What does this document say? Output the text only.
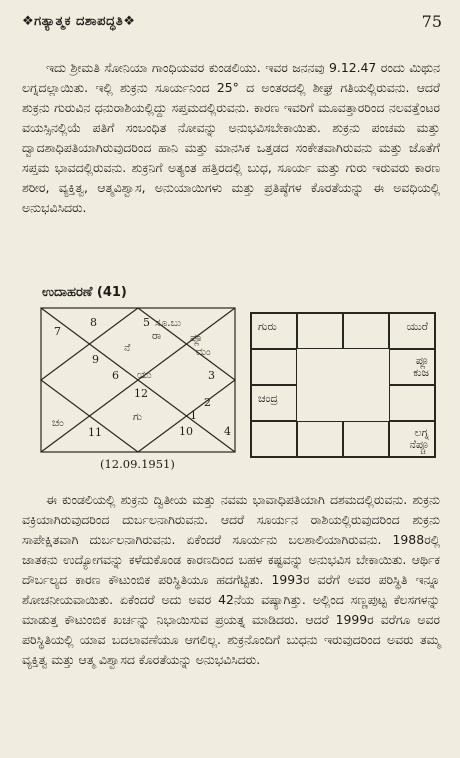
❖ಗತ್ಯಾತ್ಮಕ ದಶಾಪದ್ಧತಿ❖	75

ಇದು ಶ್ರೀಮತಿ ಸೋನಿಯಾ ಗಾಂಧಿಯವರ ಕುಂಡಲಿಯು. ಇವರ ಜನನವು 9.12.47 ರಂದು ಮಿಥುನ ಲಗ್ನದಲ್ಲಾಯಿತು. ಇಲ್ಲಿ ಶುಕ್ರನು ಸೂರ್ಯನಿಂದ 25° ದ ಅಂತರದಲ್ಲಿ ಶೀಘ್ರ ಗತಿಯಲ್ಲಿರುವನು. ಆದರೆ ಶುಕ್ರನು ಗುರುವಿನ ಧನುರಾಶಿಯಲ್ಲಿದ್ದು ಸಪ್ತಮದಲ್ಲಿರುವನು. ಕಾರಣ ಇವರಿಗೆ ಮೂವತ್ತಾರರಿಂದ ನಲವತ್ತೆಂಟರ ವಯಸ್ಸಿನಲ್ಲಿಯೆ ಪತಿಗೆ ಸಂಬಂಧಿತ ನೋವನ್ನು ಅನುಭವಿಸಬೇಕಾಯಿತು. ಶುಕ್ರನು ಪಂಚಮ ಮತ್ತು ದ್ವಾದಶಾಧಿಪತಿಯಾಗಿರುವುದರಿಂದ ಹಾನಿ ಮತ್ತು ಮಾನಸಿಕ ಒತ್ತಡದ ಸಂಕೇತವಾಗಿರುವನು ಮತ್ತು ಜೊತೆಗೆ ಸಪ್ತಮ ಭಾವದಲ್ಲಿರುವನು. ಶುಕ್ರನಿಗೆ ಅತ್ಯಂತ ಹತ್ತಿರದಲ್ಲಿ ಬುಧ, ಸೂರ್ಯ ಮತ್ತು ಗುರು ಇರುವರು ಕಾರಣ ಶರೀರ, ವ್ಯಕ್ತಿತ್ವ, ಆತ್ಮವಿಶ್ವಾಸ, ಅನುಯಾಯಿಗಳು ಮತ್ತು ಪ್ರತಿಷ್ಠೆಗಳ ಕೊರತೆಯನ್ನು ಈ ಅವಧಿಯಲ್ಲಿ ಅನುಭವಿಸಿದರು.

ಉದಾಹರಣೆ (41)
5 ಸೂ.ಬು
ರಾ	ಪ್ಲೂ
ಮಂ
7
8
6
ನೆ
9
3
ಯು
12
2
ಗು
ಚಂ
11	10
1
4
(12.09.1951)
ಗುರು	ಯುರೆ
ಪ್ಲೂ
ಕುಜ
ಚಂದ್ರ
ಲಗ್ನ
ನೆಪ್ಚೂ

ಈ ಕುಂಡಲಿಯಲ್ಲಿ ಶುಕ್ರನು ದ್ವಿತೀಯ ಮತ್ತು ನವಮ ಭಾವಾಧಿಪತಿಯಾಗಿ ದಶಮದಲ್ಲಿರುವನು. ಶುಕ್ರನು ವಕ್ರಿಯಾಗಿರುವುದರಿಂದ ದುರ್ಬಲನಾಗಿರುವನು. ಆದರೆ ಸೂರ್ಯನ ರಾಶಿಯಲ್ಲಿರುವುದರಿಂದ ಶುಕ್ರನು ಸಾಪೇಕ್ಷಿತವಾಗಿ ದುರ್ಬಲನಾಗಿರುವನು. ಏಕೆಂದರೆ ಸೂರ್ಯನು ಬಲಶಾಲಿಯಾಗಿರುವನು. 1988ರಲ್ಲಿ ಜಾತಕನು ಉದ್ಯೋಗವನ್ನು ಕಳೆದುಕೊಂಡ ಕಾರಣದಿಂದ ಬಹಳ ಕಷ್ಟವನ್ನು ಅನುಭವಿಸ ಬೇಕಾಯಿತು. ಆರ್ಥಿಕ ದೌರ್ಬಲ್ಯದ ಕಾರಣ ಕೌಟುಂಬಿಕ ಪರಿಸ್ಥಿತಿಯೂ ಹದಗೆಟ್ಟಿತು. 1993ರ ವರೆಗೆ ಅವರ ಪರಿಸ್ಥಿತಿ ಇನ್ನೂ ಶೋಚನೀಯವಾಯಿತು. ಏಕೆಂದರೆ ಅದು ಅವರ 42ನೆಯ ವಷ್ಯಾಗಿತ್ತು. ಅಲ್ಲಿಂದ ಸಣ್ಣಪುಟ್ಟ ಕೆಲಸಗಳನ್ನು ಮಾಡುತ್ತ ಕೌಟುಂಬಿಕ ಖರ್ಚನ್ನು ನಿಭಾಯಿಸುವ ಪ್ರಯತ್ನ ಮಾಡಿದರು. ಆದರೆ 1999ರ ವರೆಗೂ ಅವರ ಪರಿಸ್ಥಿತಿಯಲ್ಲಿ ಯಾವ ಬದಲಾವಣೆಯೂ ಆಗಲಿಲ್ಲ. ಶುಕ್ರನೊಂದಿಗೆ ಬುಧನು ಇರುವುದರಿಂದ ಅವರು ತಮ್ಮ ವ್ಯಕ್ತಿತ್ವ ಮತ್ತು ಆತ್ಮ ವಿಶ್ವಾಸದ ಕೊರತೆಯನ್ನು ಅನುಭವಿಸಿದರು.
